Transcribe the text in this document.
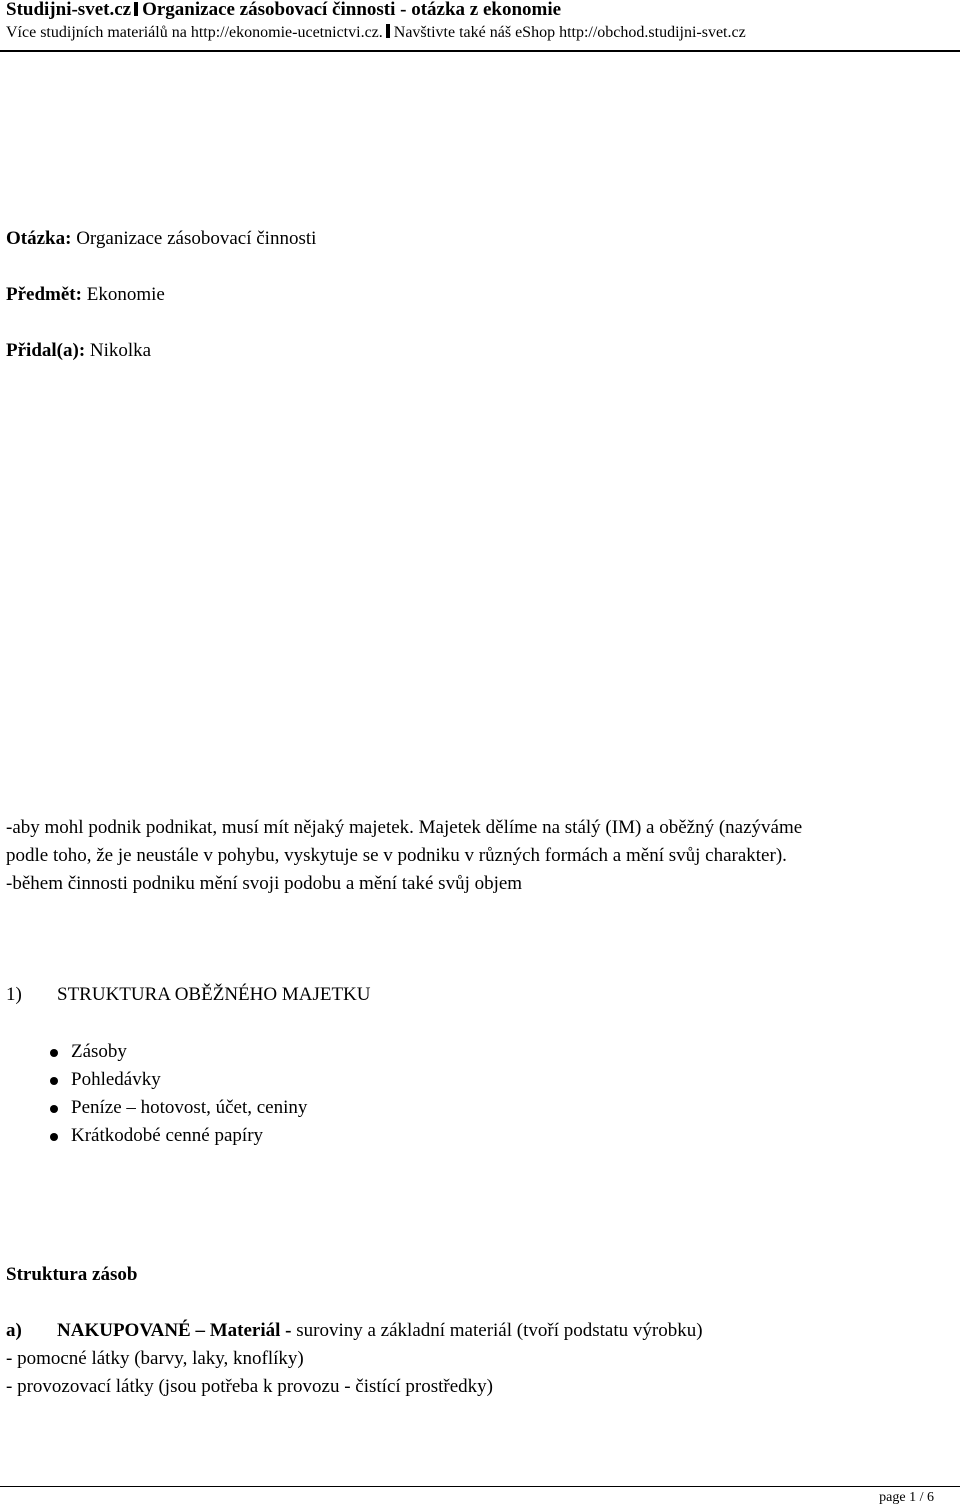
Studijni-svet.cz Organizace zásobovací činnosti - otázka z ekonomie
Více studijních materiálů na http://ekonomie-ucetnictvi.cz. Navštivte také náš eShop http://obchod.studijni-svet.cz
Otázka: Organizace zásobovací činnosti
Předmět: Ekonomie
Přidal(a): Nikolka
-aby mohl podnik podnikat, musí mít nějaký majetek. Majetek dělíme na stálý (IM) a oběžný (nazýváme
podle toho, že je neustále v pohybu, vyskytuje se v podniku v různých formách a mění svůj charakter).
-během činnosti podniku mění svoji podobu a mění také svůj objem
1) STRUKTURA OBĚŽNÉHO MAJETKU
Zásoby
Pohledávky
Peníze – hotovost, účet, ceniny
Krátkodobé cenné papíry
Struktura zásob
a) NAKUPOVANÉ – Materiál - suroviny a základní materiál (tvoří podstatu výrobku)
- pomocné látky (barvy, laky, knoflíky)
- provozovací látky (jsou potřeba k provozu - čistící prostředky)
page 1 / 6
